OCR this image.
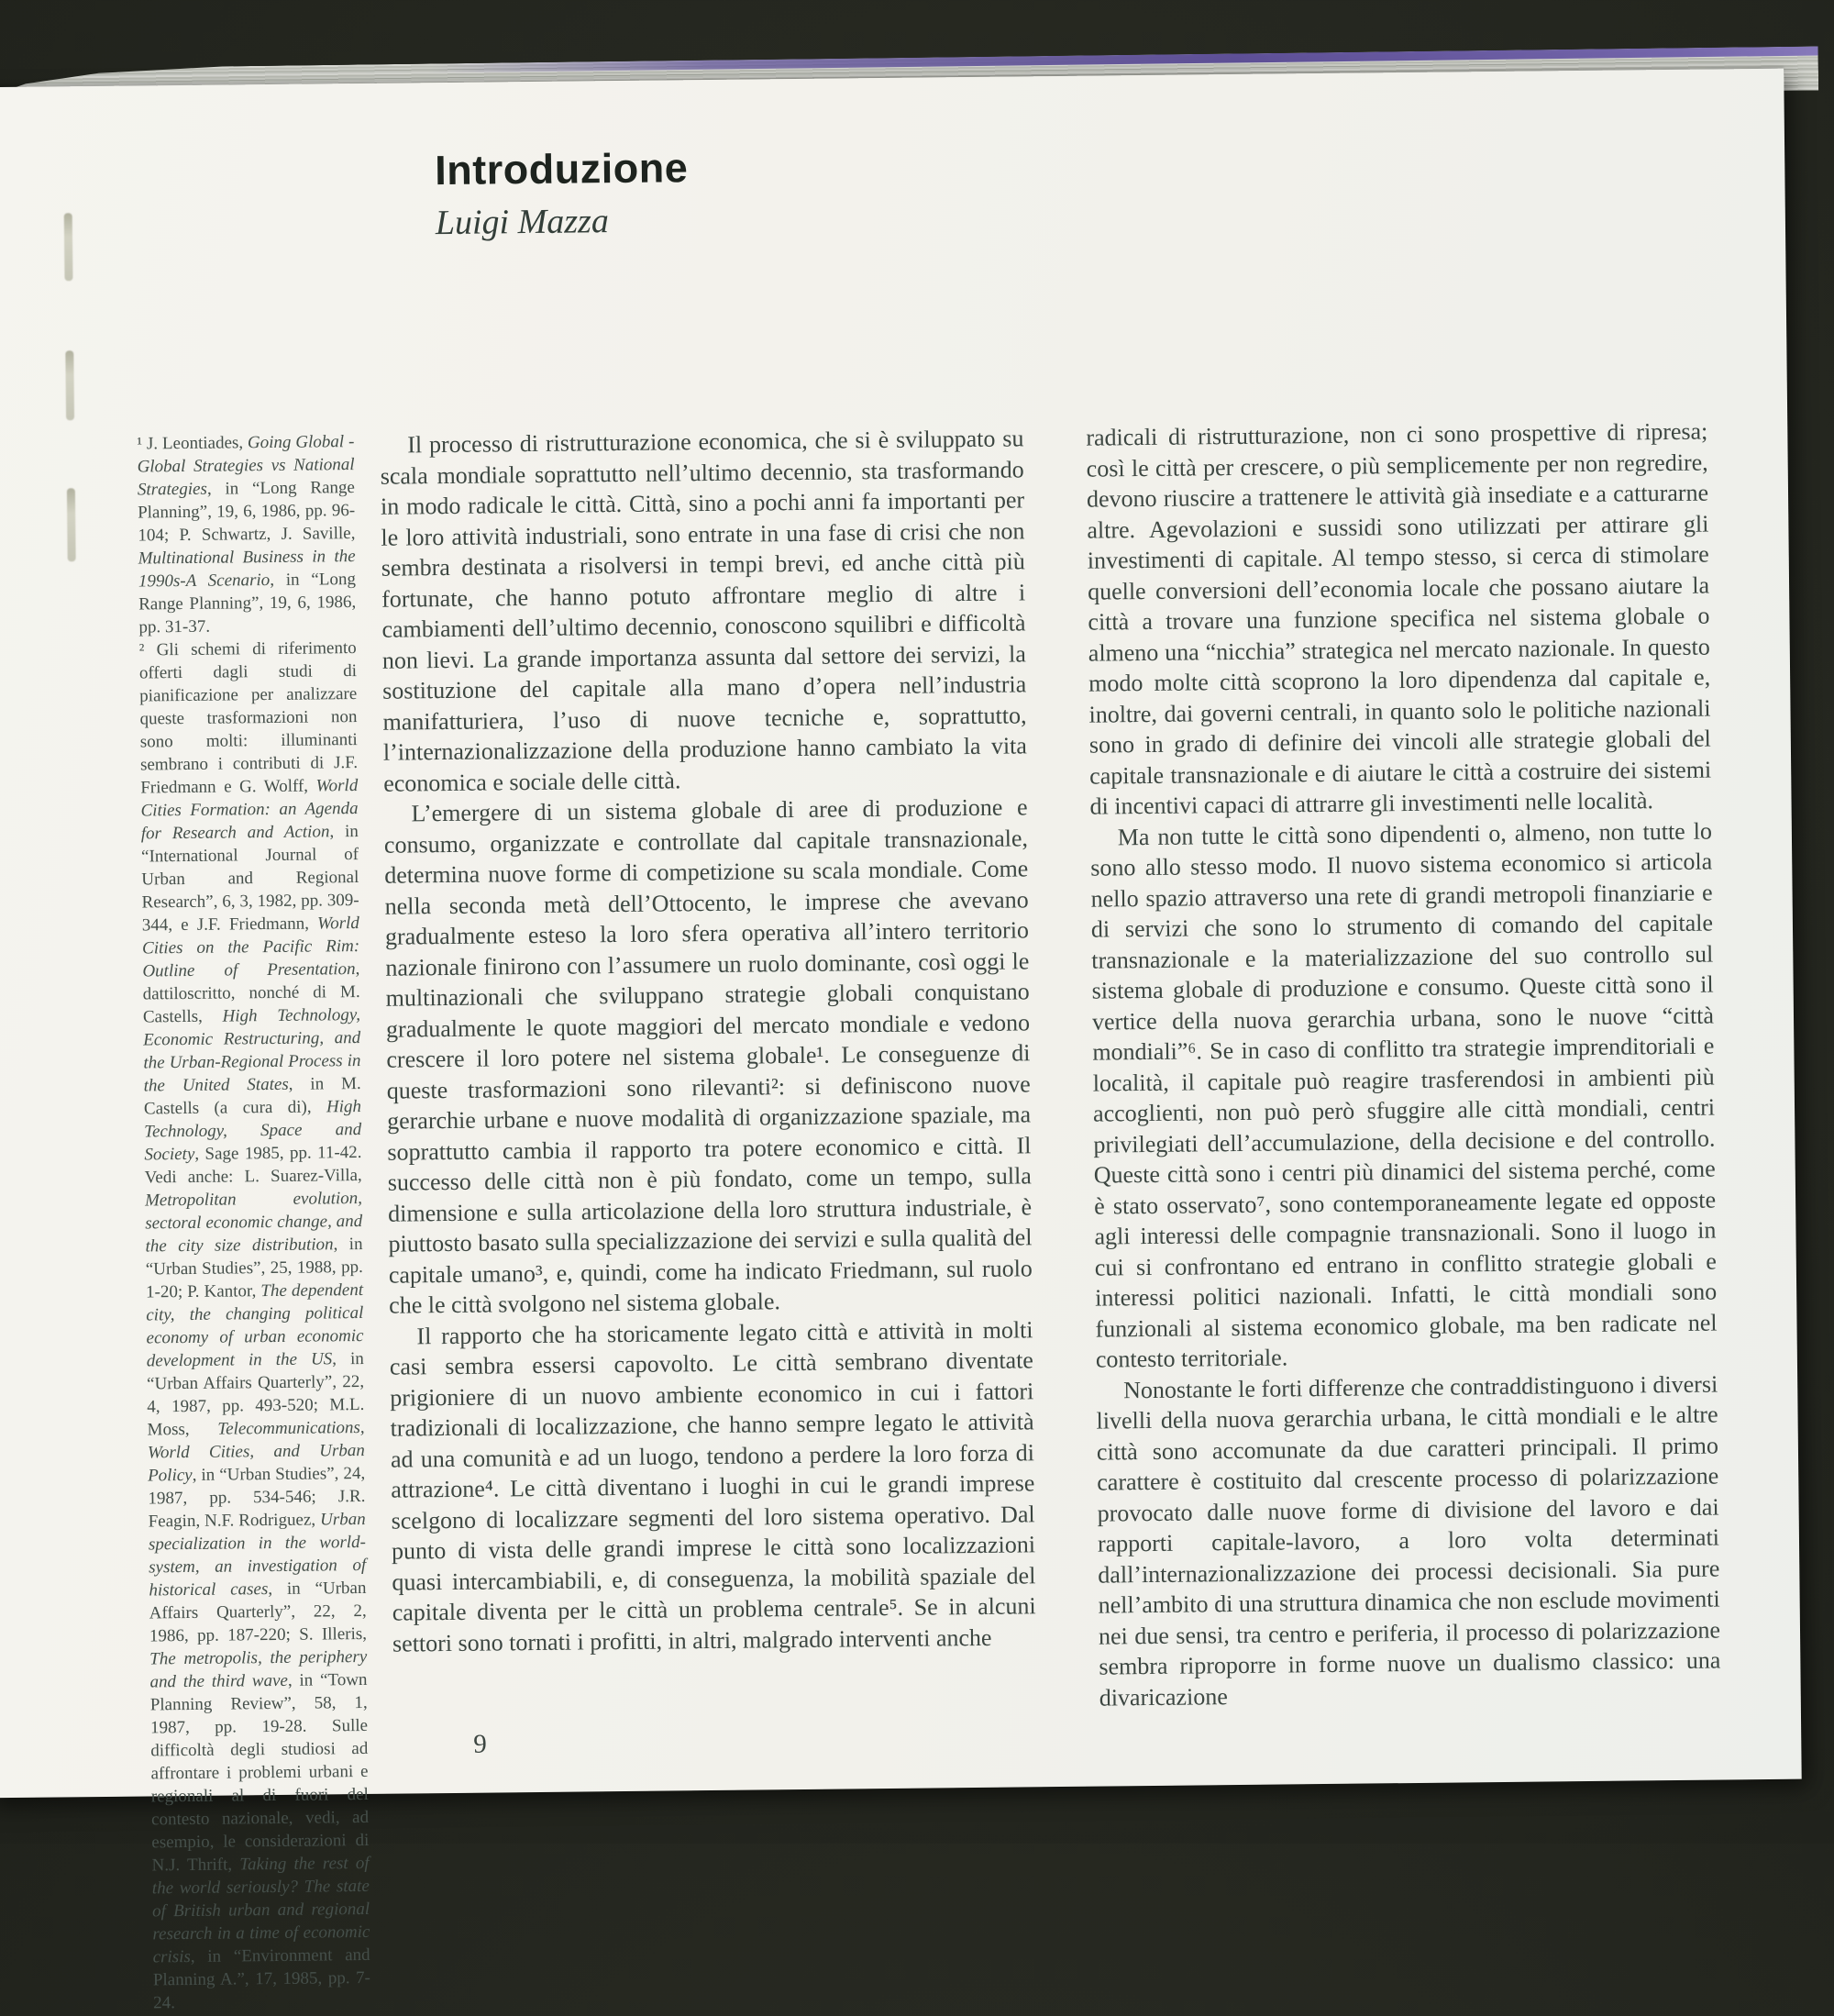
Introduzione
Luigi Mazza

¹ J. Leontiades, Going Global - Global Strategies vs National Strategies, in “Long Range Planning”, 19, 6, 1986, pp. 96-104; P. Schwartz, J. Saville, Multinational Business in the 1990s-A Scenario, in “Long Range Planning”, 19, 6, 1986, pp. 31-37.

² Gli schemi di riferimento offerti dagli studi di pianificazione per analizzare queste trasformazioni non sono molti: illuminanti sembrano i contributi di J.F. Friedmann e G. Wolff, World Cities Formation: an Agenda for Research and Action, in “International Journal of Urban and Regional Research”, 6, 3, 1982, pp. 309-344, e J.F. Friedmann, World Cities on the Pacific Rim: Outline of Presentation, dattiloscritto, nonché di M. Castells, High Technology, Economic Restructuring, and the Urban-Regional Process in the United States, in M. Castells (a cura di), High Technology, Space and Society, Sage 1985, pp. 11-42. Vedi anche: L. Suarez-Villa, Metropolitan evolution, sectoral economic change, and the city size distribution, in “Urban Studies”, 25, 1988, pp. 1-20; P. Kantor, The dependent city, the changing political economy of urban economic development in the US, in “Urban Affairs Quarterly”, 22, 4, 1987, pp. 493-520; M.L. Moss, Telecommunications, World Cities, and Urban Policy, in “Urban Studies”, 24, 1987, pp. 534-546; J.R. Feagin, N.F. Rodriguez, Urban specialization in the world-system, an investigation of historical cases, in “Urban Affairs Quarterly”, 22, 2, 1986, pp. 187-220; S. Illeris, The metropolis, the periphery and the third wave, in “Town Planning Review”, 58, 1, 1987, pp. 19-28. Sulle difficoltà degli studiosi ad affrontare i problemi urbani e regionali al di fuori del contesto nazionale, vedi, ad esempio, le considerazioni di N.J. Thrift, Taking the rest of the world seriously? The state of British urban and regional research in a time of economic crisis, in “Environment and Planning A.”, 17, 1985, pp. 7-24.

Il processo di ristrutturazione economica, che si è sviluppato su scala mondiale soprattutto nell’ultimo decennio, sta trasformando in modo radicale le città. Città, sino a pochi anni fa importanti per le loro attività industriali, sono entrate in una fase di crisi che non sembra destinata a risolversi in tempi brevi, ed anche città più fortunate, che hanno potuto affrontare meglio di altre i cambiamenti dell’ultimo decennio, conoscono squilibri e difficoltà non lievi. La grande importanza assunta dal settore dei servizi, la sostituzione del capitale alla mano d’opera nell’industria manifatturiera, l’uso di nuove tecniche e, soprattutto, l’internazionalizzazione della produzione hanno cambiato la vita economica e sociale delle città.

L’emergere di un sistema globale di aree di produzione e consumo, organizzate e controllate dal capitale transnazionale, determina nuove forme di competizione su scala mondiale. Come nella seconda metà dell’Ottocento, le imprese che avevano gradualmente esteso la loro sfera operativa all’intero territorio nazionale finirono con l’assumere un ruolo dominante, così oggi le multinazionali che sviluppano strategie globali conquistano gradualmente le quote maggiori del mercato mondiale e vedono crescere il loro potere nel sistema globale¹. Le conseguenze di queste trasformazioni sono rilevanti²: si definiscono nuove gerarchie urbane e nuove modalità di organizzazione spaziale, ma soprattutto cambia il rapporto tra potere economico e città. Il successo delle città non è più fondato, come un tempo, sulla dimensione e sulla articolazione della loro struttura industriale, è piuttosto basato sulla specializzazione dei servizi e sulla qualità del capitale umano³, e, quindi, come ha indicato Friedmann, sul ruolo che le città svolgono nel sistema globale.

Il rapporto che ha storicamente legato città e attività in molti casi sembra essersi capovolto. Le città sembrano diventate prigioniere di un nuovo ambiente economico in cui i fattori tradizionali di localizzazione, che hanno sempre legato le attività ad una comunità e ad un luogo, tendono a perdere la loro forza di attrazione⁴. Le città diventano i luoghi in cui le grandi imprese scelgono di localizzare segmenti del loro sistema operativo. Dal punto di vista delle grandi imprese le città sono localizzazioni quasi intercambiabili, e, di conseguenza, la mobilità spaziale del capitale diventa per le città un problema centrale⁵. Se in alcuni settori sono tornati i profitti, in altri, malgrado interventi anche

radicali di ristrutturazione, non ci sono prospettive di ripresa; così le città per crescere, o più semplicemente per non regredire, devono riuscire a trattenere le attività già insediate e a catturarne altre. Agevolazioni e sussidi sono utilizzati per attirare gli investimenti di capitale. Al tempo stesso, si cerca di stimolare quelle conversioni dell’economia locale che possano aiutare la città a trovare una funzione specifica nel sistema globale o almeno una “nicchia” strategica nel mercato nazionale. In questo modo molte città scoprono la loro dipendenza dal capitale e, inoltre, dai governi centrali, in quanto solo le politiche nazionali sono in grado di definire dei vincoli alle strategie globali del capitale transnazionale e di aiutare le città a costruire dei sistemi di incentivi capaci di attrarre gli investimenti nelle località.

Ma non tutte le città sono dipendenti o, almeno, non tutte lo sono allo stesso modo. Il nuovo sistema economico si articola nello spazio attraverso una rete di grandi metropoli finanziarie e di servizi che sono lo strumento di comando del capitale transnazionale e la materializzazione del suo controllo sul sistema globale di produzione e consumo. Queste città sono il vertice della nuova gerarchia urbana, sono le nuove “città mondiali”⁶. Se in caso di conflitto tra strategie imprenditoriali e località, il capitale può reagire trasferendosi in ambienti più accoglienti, non può però sfuggire alle città mondiali, centri privilegiati dell’accumulazione, della decisione e del controllo. Queste città sono i centri più dinamici del sistema perché, come è stato osservato⁷, sono contemporaneamente legate ed opposte agli interessi delle compagnie transnazionali. Sono il luogo in cui si confrontano ed entrano in conflitto strategie globali e interessi politici nazionali. Infatti, le città mondiali sono funzionali al sistema economico globale, ma ben radicate nel contesto territoriale.

Nonostante le forti differenze che contraddistinguono i diversi livelli della nuova gerarchia urbana, le città mondiali e le altre città sono accomunate da due caratteri principali. Il primo carattere è costituito dal crescente processo di polarizzazione provocato dalle nuove forme di divisione del lavoro e dai rapporti capitale-lavoro, a loro volta determinati dall’internazionalizzazione dei processi decisionali. Sia pure nell’ambito di una struttura dinamica che non esclude movimenti nei due sensi, tra centro e periferia, il processo di polarizzazione sembra riproporre in forme nuove un dualismo classico: una divaricazione

9
